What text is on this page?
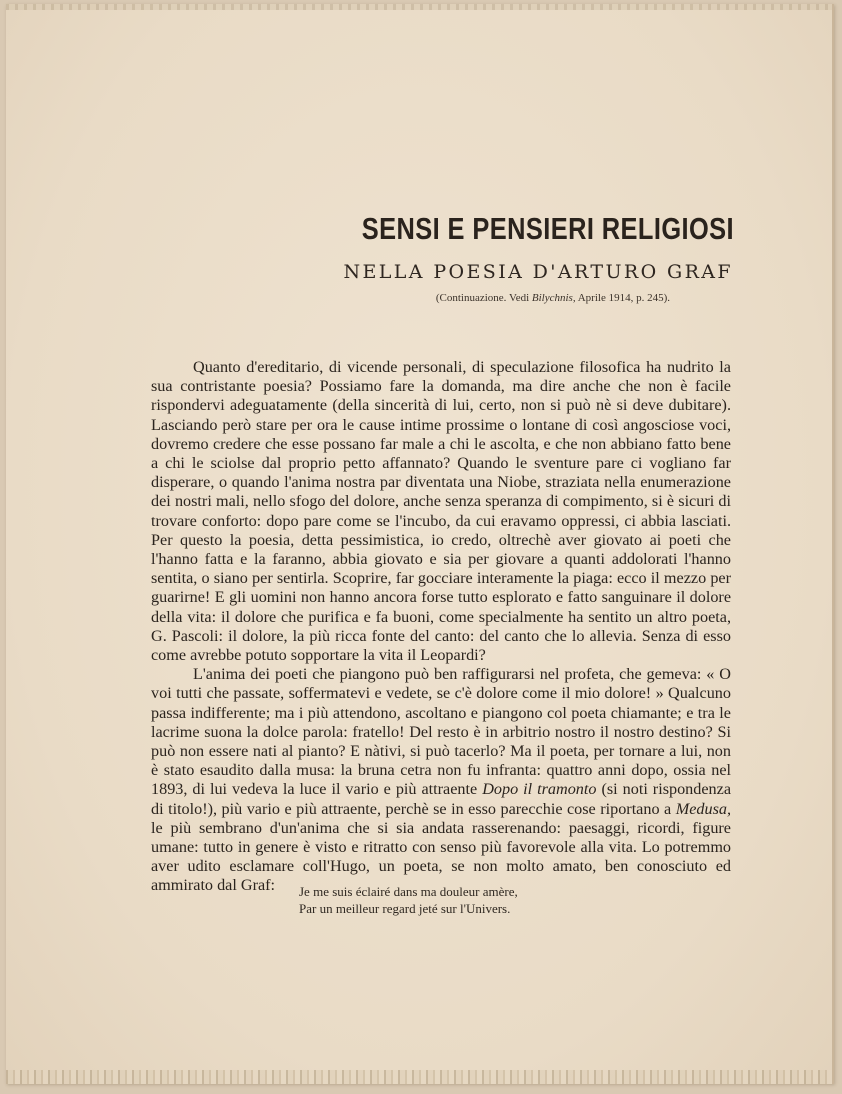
SENSI E PENSIERI RELIGIOSI
NELLA POESIA D'ARTURO GRAF
(Continuazione. Vedi Bilychnis, Aprile 1914, p. 245).

Quanto d'ereditario, di vicende personali, di speculazione filosofica ha nudrito la sua contristante poesia? Possiamo fare la domanda, ma dire anche che non è facile rispondervi adeguatamente (della sincerità di lui, certo, non si può nè si deve dubitare). Lasciando però stare per ora le cause intime prossime o lontane di così angosciose voci, dovremo credere che esse possano far male a chi le ascolta, e che non abbiano fatto bene a chi le sciolse dal proprio petto affannato? Quando le sventure pare ci vogliano far disperare, o quando l'anima nostra par diventata una Niobe, straziata nella enumerazione dei nostri mali, nello sfogo del dolore, anche senza speranza di compimento, si è sicuri di trovare conforto: dopo pare come se l'incubo, da cui eravamo oppressi, ci abbia lasciati. Per questo la poesia, detta pessimistica, io credo, oltrechè aver giovato ai poeti che l'hanno fatta e la faranno, abbia giovato e sia per giovare a quanti addolorati l'hanno sentita, o siano per sentirla. Scoprire, far gocciare interamente la piaga: ecco il mezzo per guarirne! E gli uomini non hanno ancora forse tutto esplorato e fatto sanguinare il dolore della vita: il dolore che purifica e fa buoni, come specialmente ha sentito un altro poeta, G. Pascoli: il dolore, la più ricca fonte del canto: del canto che lo allevia. Senza di esso come avrebbe potuto sopportare la vita il Leopardi?

L'anima dei poeti che piangono può ben raffigurarsi nel profeta, che gemeva: « O voi tutti che passate, soffermatevi e vedete, se c'è dolore come il mio dolore! » Qualcuno passa indifferente; ma i più attendono, ascoltano e piangono col poeta chiamante; e tra le lacrime suona la dolce parola: fratello! Del resto è in arbitrio nostro il nostro destino? Si può non essere nati al pianto? E nàtivi, si può tacerlo? Ma il poeta, per tornare a lui, non è stato esaudito dalla musa: la bruna cetra non fu infranta: quattro anni dopo, ossia nel 1893, di lui vedeva la luce il vario e più attraente Dopo il tramonto (si noti rispondenza di titolo!), più vario e più attraente, perchè se in esso parecchie cose riportano a Medusa, le più sembrano d'un'anima che si sia andata rasserenando: paesaggi, ricordi, figure umane: tutto in genere è visto e ritratto con senso più favorevole alla vita. Lo potremmo aver udito esclamare coll'Hugo, un poeta, se non molto amato, ben conosciuto ed ammirato dal Graf:	Je me suis éclairé dans ma douleur amère,
Par un meilleur regard jeté sur l'Univers.
